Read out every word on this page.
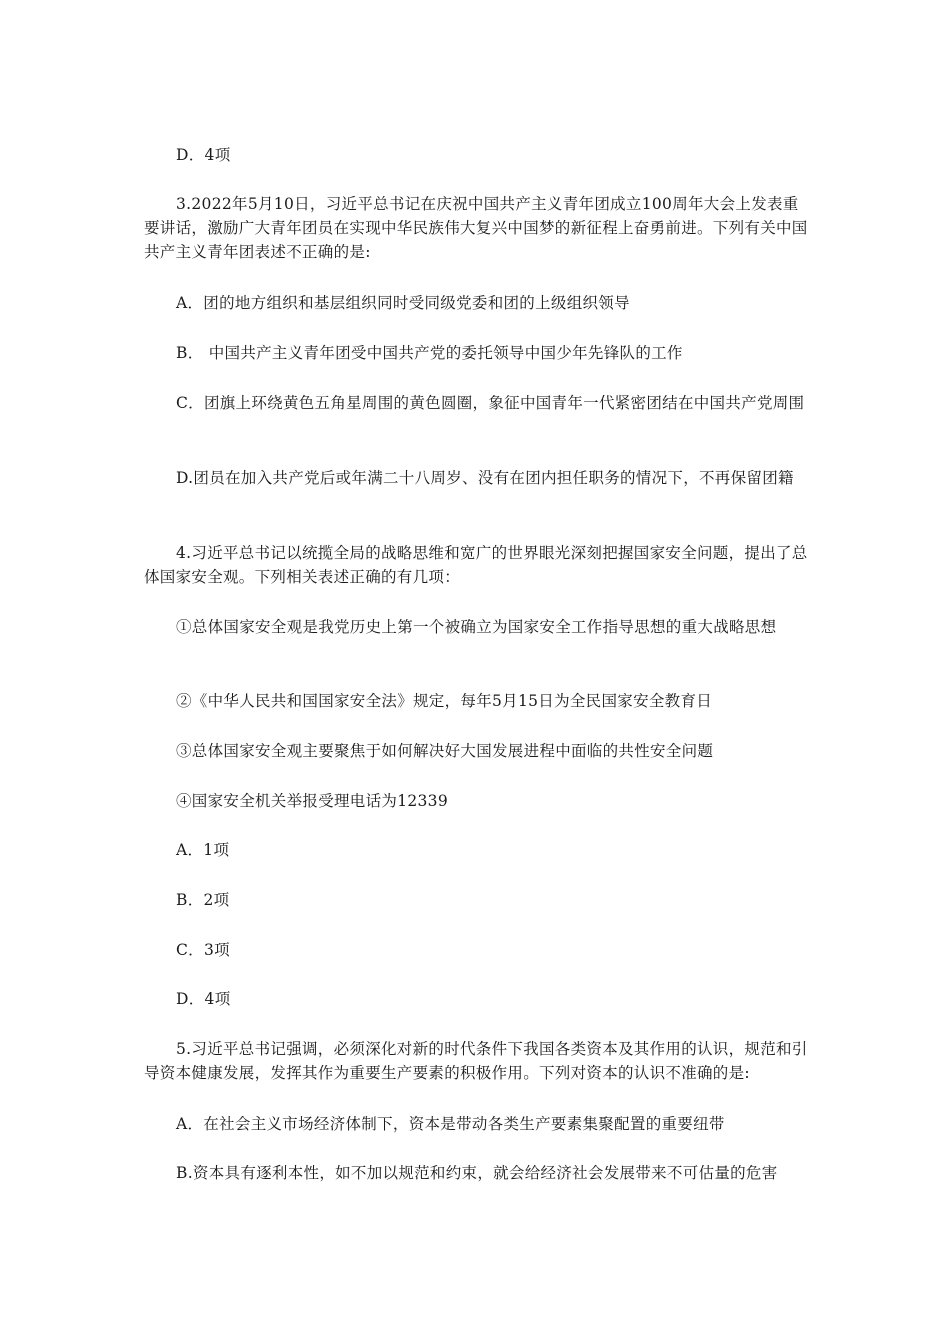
D．4项

3.2022年5月10日，习近平总书记在庆祝中国共产主义青年团成立100周年大会上发表重要讲话，激励广大青年团员在实现中华民族伟大复兴中国梦的新征程上奋勇前进。下列有关中国共产主义青年团表述不正确的是:

A．团的地方组织和基层组织同时受同级党委和团的上级组织领导

B． 中国共产主义青年团受中国共产党的委托领导中国少年先锋队的工作

C．团旗上环绕黄色五角星周围的黄色圆圈，象征中国青年一代紧密团结在中国共产党周围

D.团员在加入共产党后或年满二十八周岁、没有在团内担任职务的情况下，不再保留团籍

4.习近平总书记以统揽全局的战略思维和宽广的世界眼光深刻把握国家安全问题，提出了总体国家安全观。下列相关表述正确的有几项：

①总体国家安全观是我党历史上第一个被确立为国家安全工作指导思想的重大战略思想

②《中华人民共和国国家安全法》规定，每年5月15日为全民国家安全教育日

③总体国家安全观主要聚焦于如何解决好大国发展进程中面临的共性安全问题

④国家安全机关举报受理电话为12339

A．1项

B．2项

C．3项

D．4项

5.习近平总书记强调，必须深化对新的时代条件下我国各类资本及其作用的认识，规范和引导资本健康发展，发挥其作为重要生产要素的积极作用。下列对资本的认识不准确的是:

A．在社会主义市场经济体制下，资本是带动各类生产要素集聚配置的重要纽带

B.资本具有逐利本性，如不加以规范和约束，就会给经济社会发展带来不可估量的危害
